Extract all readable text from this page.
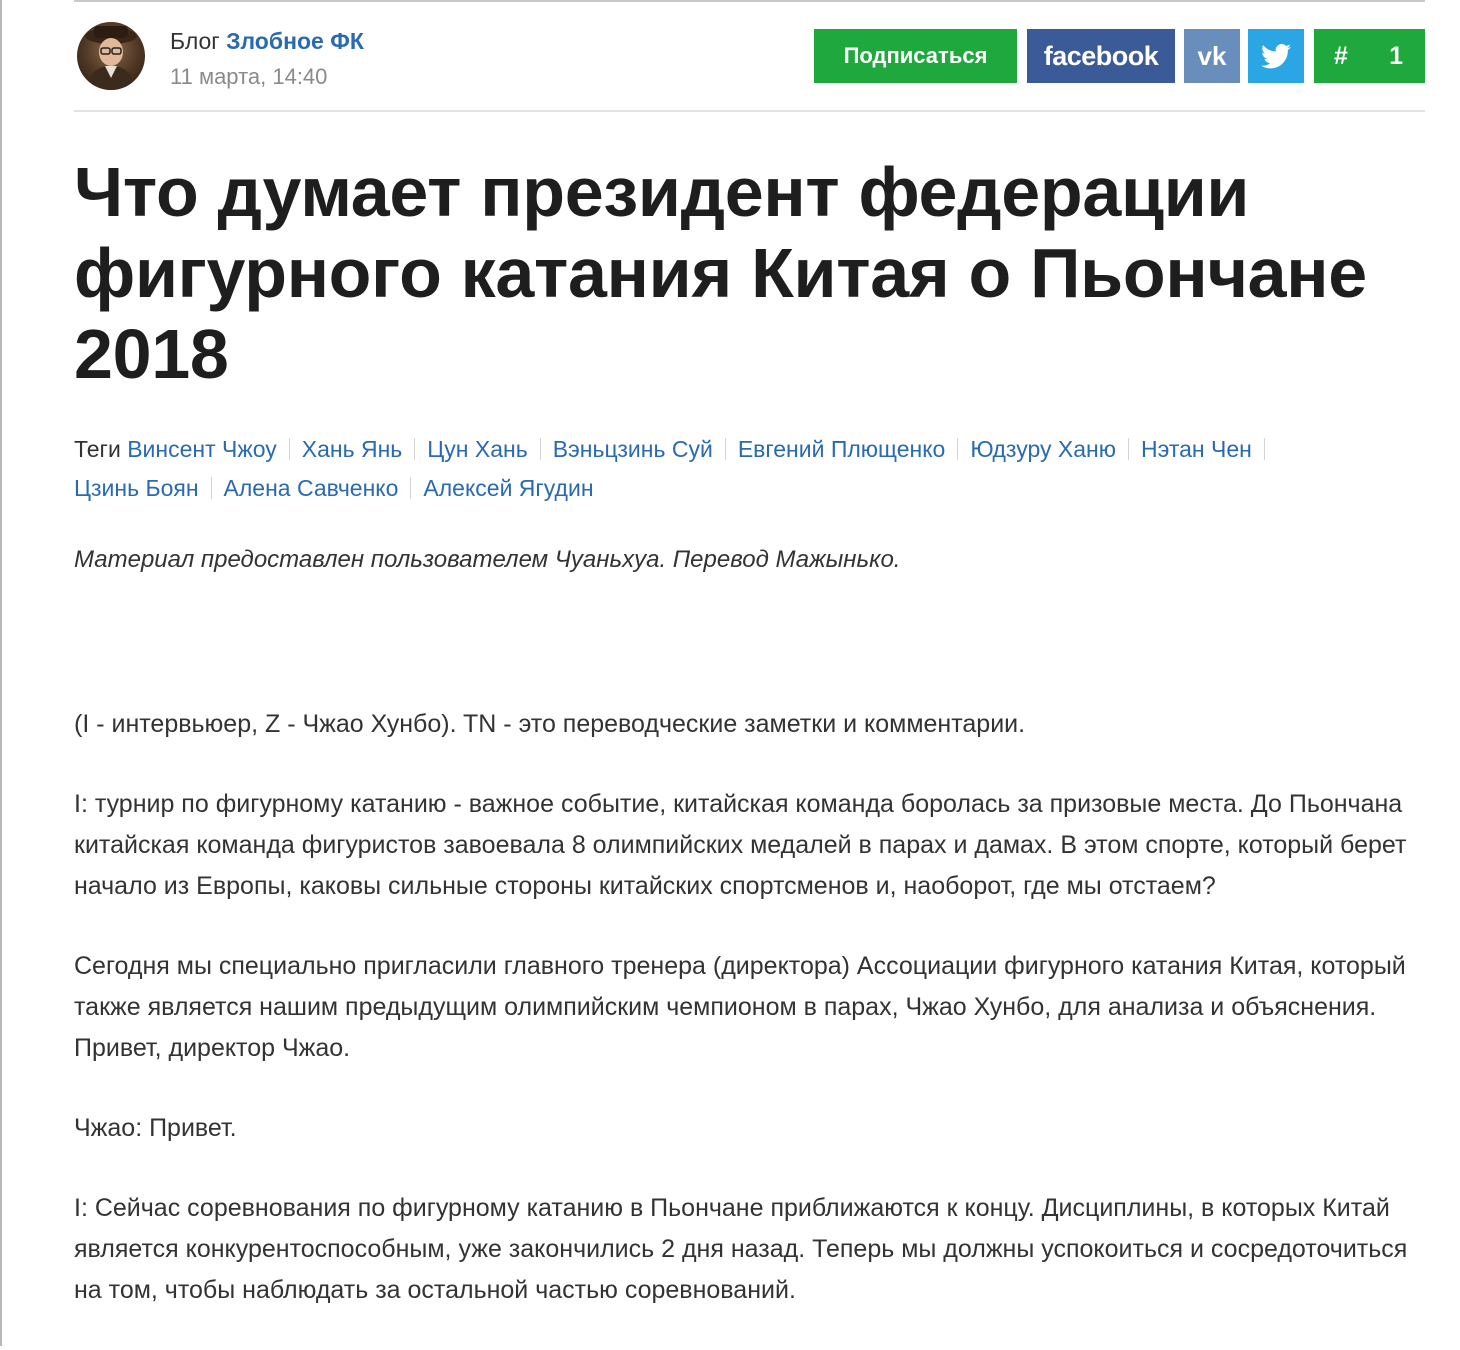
Блог Злобное ФК
11 марта, 14:40
Подписаться facebook vk	# 1
Что думает президент федерации фигурного катания Китая о Пьончане 2018
Теги Винсент Чжоу Хань Янь Цун Хань Вэньцзинь Суй Евгений Плющенко Юдзуру Ханю Нэтан Чен
Цзинь Боян Алена Савченко Алексей Ягудин
Материал предоставлен пользователем Чуаньхуа. Перевод Мажынько.

(I - интервьюер, Z - Чжао Хунбо). TN - это переводческие заметки и комментарии.

I: турнир по фигурному катанию - важное событие, китайская команда боролась за призовые места. До Пьончана китайская команда фигуристов завоевала 8 олимпийских медалей в парах и дамах. В этом спорте, который берет начало из Европы, каковы сильные стороны китайских спортсменов и, наоборот, где мы отстаем?

Сегодня мы специально пригласили главного тренера (директора) Ассоциации фигурного катания Китая, который также является нашим предыдущим олимпийским чемпионом в парах, Чжао Хунбо, для анализа и объяснения. Привет, директор Чжао.

Чжао: Привет.

I: Сейчас соревнования по фигурному катанию в Пьончане приближаются к концу. Дисциплины, в которых Китай является конкурентоспособным, уже закончились 2 дня назад. Теперь мы должны успокоиться и сосредоточиться на том, чтобы наблюдать за остальной частью соревнований.
